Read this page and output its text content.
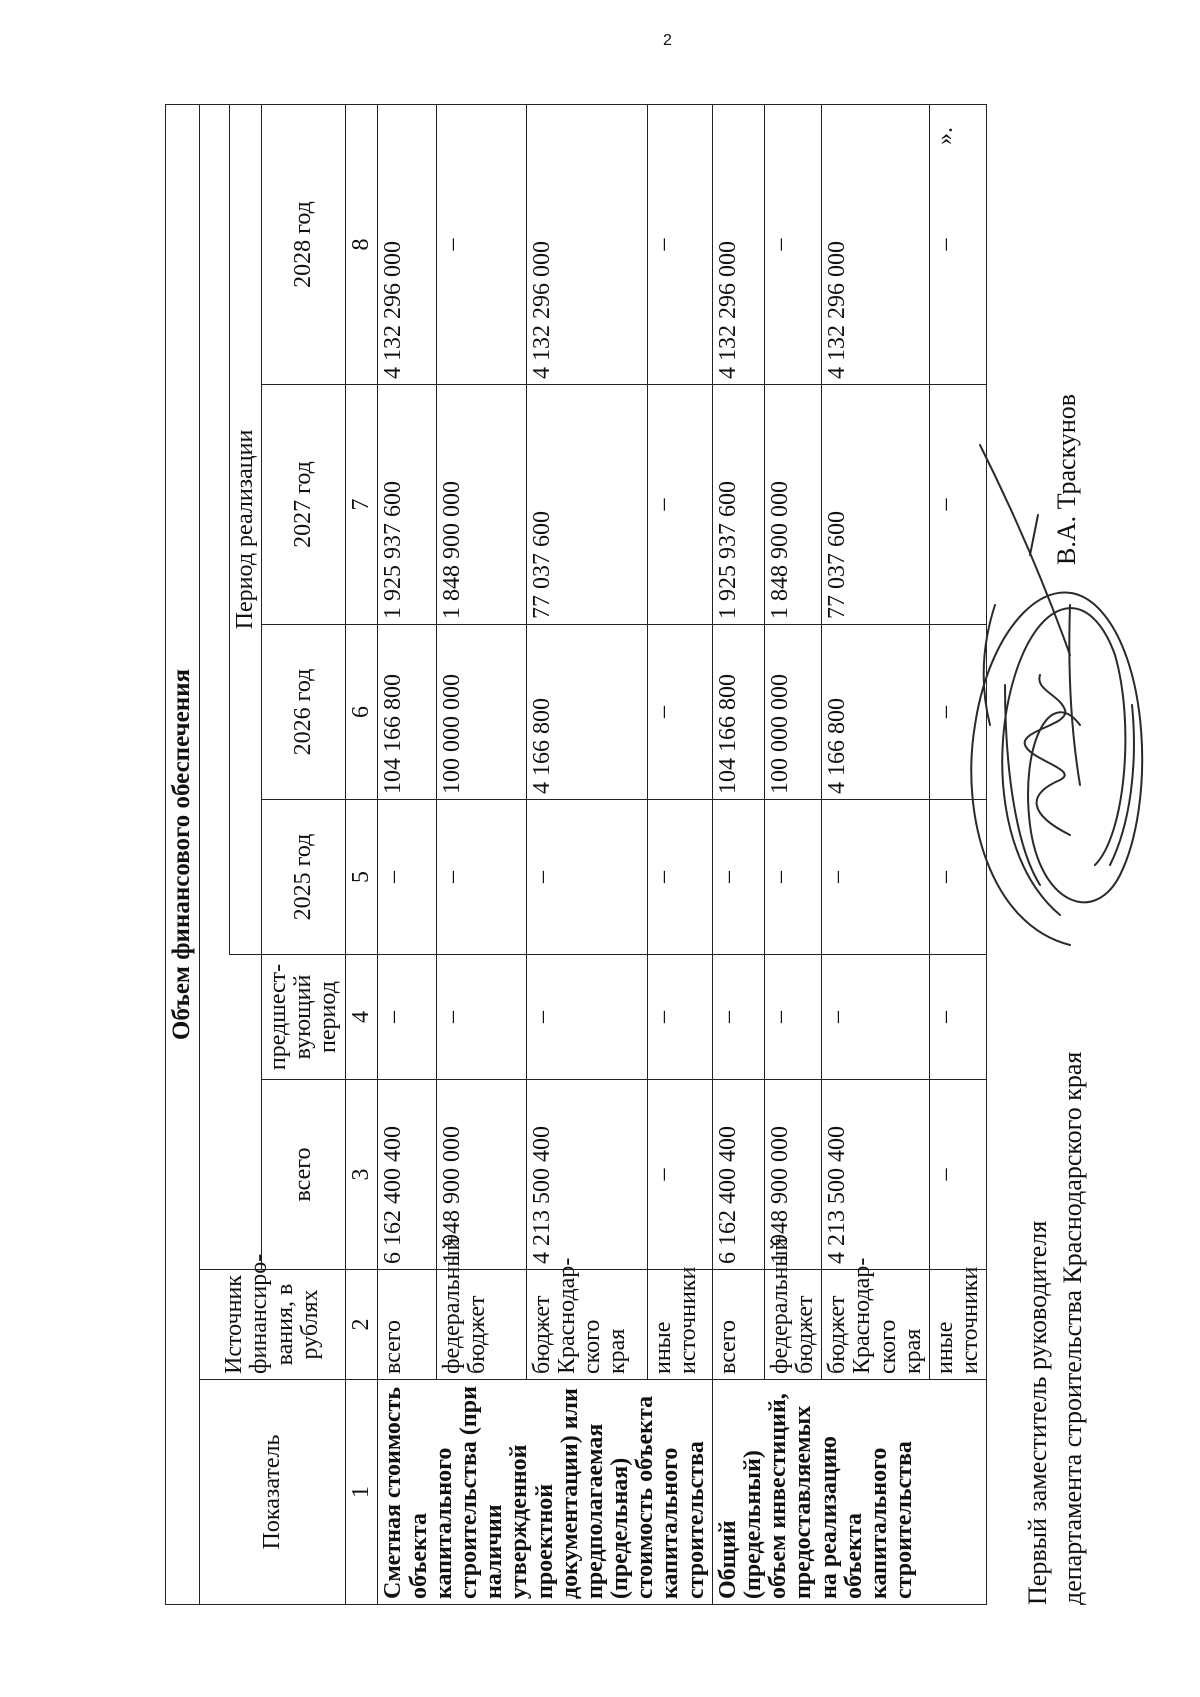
2
Объем финансового обеспечения							
Показатель	Источник финансиро-вания, в рублях						
				Период реализации			
		всего	предшест-вующий период	2025 год	2026 год	2027 год	2028 год
1	2	3	4	5	6	7	8
Сметная стоимость объекта капитального строительства (при наличии утвержденной проектной документации) или предполагаемая (предельная) стоимость объекта капитального строительства	всего	6 162 400 400	–	–	104 166 800	1 925 937 600	4 132 296 000
	федеральный бюджет	1 948 900 000	–	–	100 000 000	1 848 900 000	–
	бюджет Краснодар-ского края	4 213 500 400	–	–	4 166 800	77 037 600	4 132 296 000
	иные источники	–	–	–	–	–	–
Общий (предельный) объем инвестиций, предоставляемых на реализацию объекта капитального строительства	всего	6 162 400 400	–	–	104 166 800	1 925 937 600	4 132 296 000
	федеральный бюджет	1 948 900 000	–	–	100 000 000	1 848 900 000	–
	бюджет Краснодар-ского края	4 213 500 400	–	–	4 166 800	77 037 600	4 132 296 000
	иные источники	–	–	–	–	–	–
».
Первый заместитель руководителя департамента строительства Краснодарского края
В.А. Траскунов
